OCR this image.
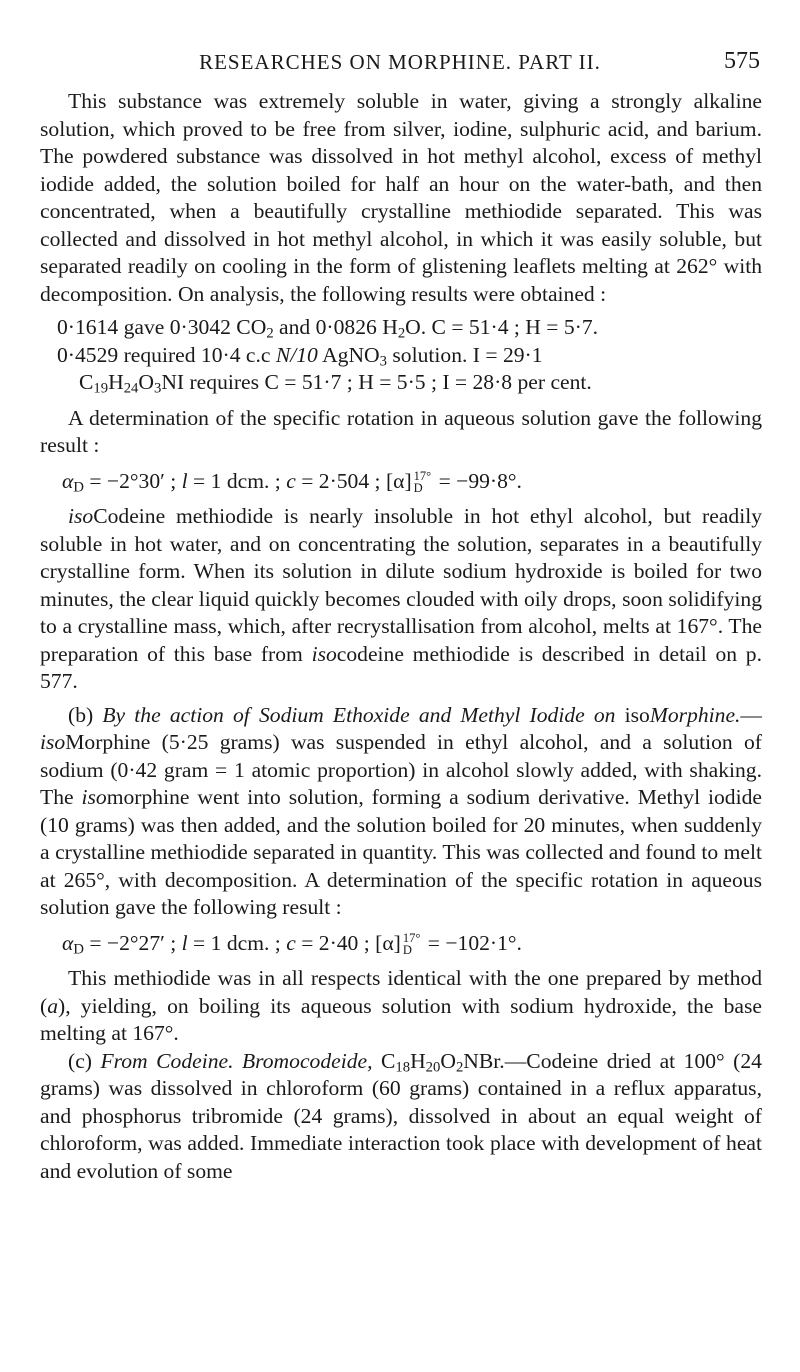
RESEARCHES ON MORPHINE. PART II.	575

This substance was extremely soluble in water, giving a strongly alkaline solution, which proved to be free from silver, iodine, sulphuric acid, and barium. The powdered substance was dissolved in hot methyl alcohol, excess of methyl iodide added, the solution boiled for half an hour on the water-bath, and then concentrated, when a beautifully crystalline methiodide separated. This was collected and dissolved in hot methyl alcohol, in which it was easily soluble, but separated readily on cooling in the form of glistening leaflets melting at 262° with decomposition. On analysis, the following results were obtained :

0·1614 gave 0·3042 $CO_2$ and 0·0826 $H_2O$. C = 51·4 ; H = 5·7.
0·4529 required 10·4 c.c N/10 AgNO$_3$ solution. I = 29·1
$C_{19}H_{24}O_3NI$ requires C = 51·7 ; H = 5·5 ; I = 28·8 per cent.

A determination of the specific rotation in aqueous solution gave the following result :

$\alpha_D = -2^\circ 30'$ ; l = 1 dcm. ; c = 2·504 ; [α] 17°
D = −99·8°.

isoCodeine methiodide is nearly insoluble in hot ethyl alcohol, but readily soluble in hot water, and on concentrating the solution, separates in a beautifully crystalline form. When its solution in dilute sodium hydroxide is boiled for two minutes, the clear liquid quickly becomes clouded with oily drops, soon solidifying to a crystalline mass, which, after recrystallisation from alcohol, melts at 167°. The preparation of this base from isocodeine methiodide is described in detail on p. 577.

(b) By the action of Sodium Ethoxide and Methyl Iodide on isoMorphine.—isoMorphine (5·25 grams) was suspended in ethyl alcohol, and a solution of sodium (0·42 gram = 1 atomic proportion) in alcohol slowly added, with shaking. The isomorphine went into solution, forming a sodium derivative. Methyl iodide (10 grams) was then added, and the solution boiled for 20 minutes, when suddenly a crystalline methiodide separated in quantity. This was collected and found to melt at 265°, with decomposition. A determination of the specific rotation in aqueous solution gave the following result :

$\alpha_D = -2^\circ 27'$ ; l = 1 dcm. ; c = 2·40 ; [α] 17°
D = −102·1°.

This methiodide was in all respects identical with the one prepared by method (a), yielding, on boiling its aqueous solution with sodium hydroxide, the base melting at 167°.

(c) From Codeine. Bromocodeide, $C_{18}H_{20}O_2NBr.—Codeine$ dried at 100° (24 grams) was dissolved in chloroform (60 grams) contained in a reflux apparatus, and phosphorus tribromide (24 grams), dissolved in about an equal weight of chloroform, was added. Immediate interaction took place with development of heat and evolution of some
